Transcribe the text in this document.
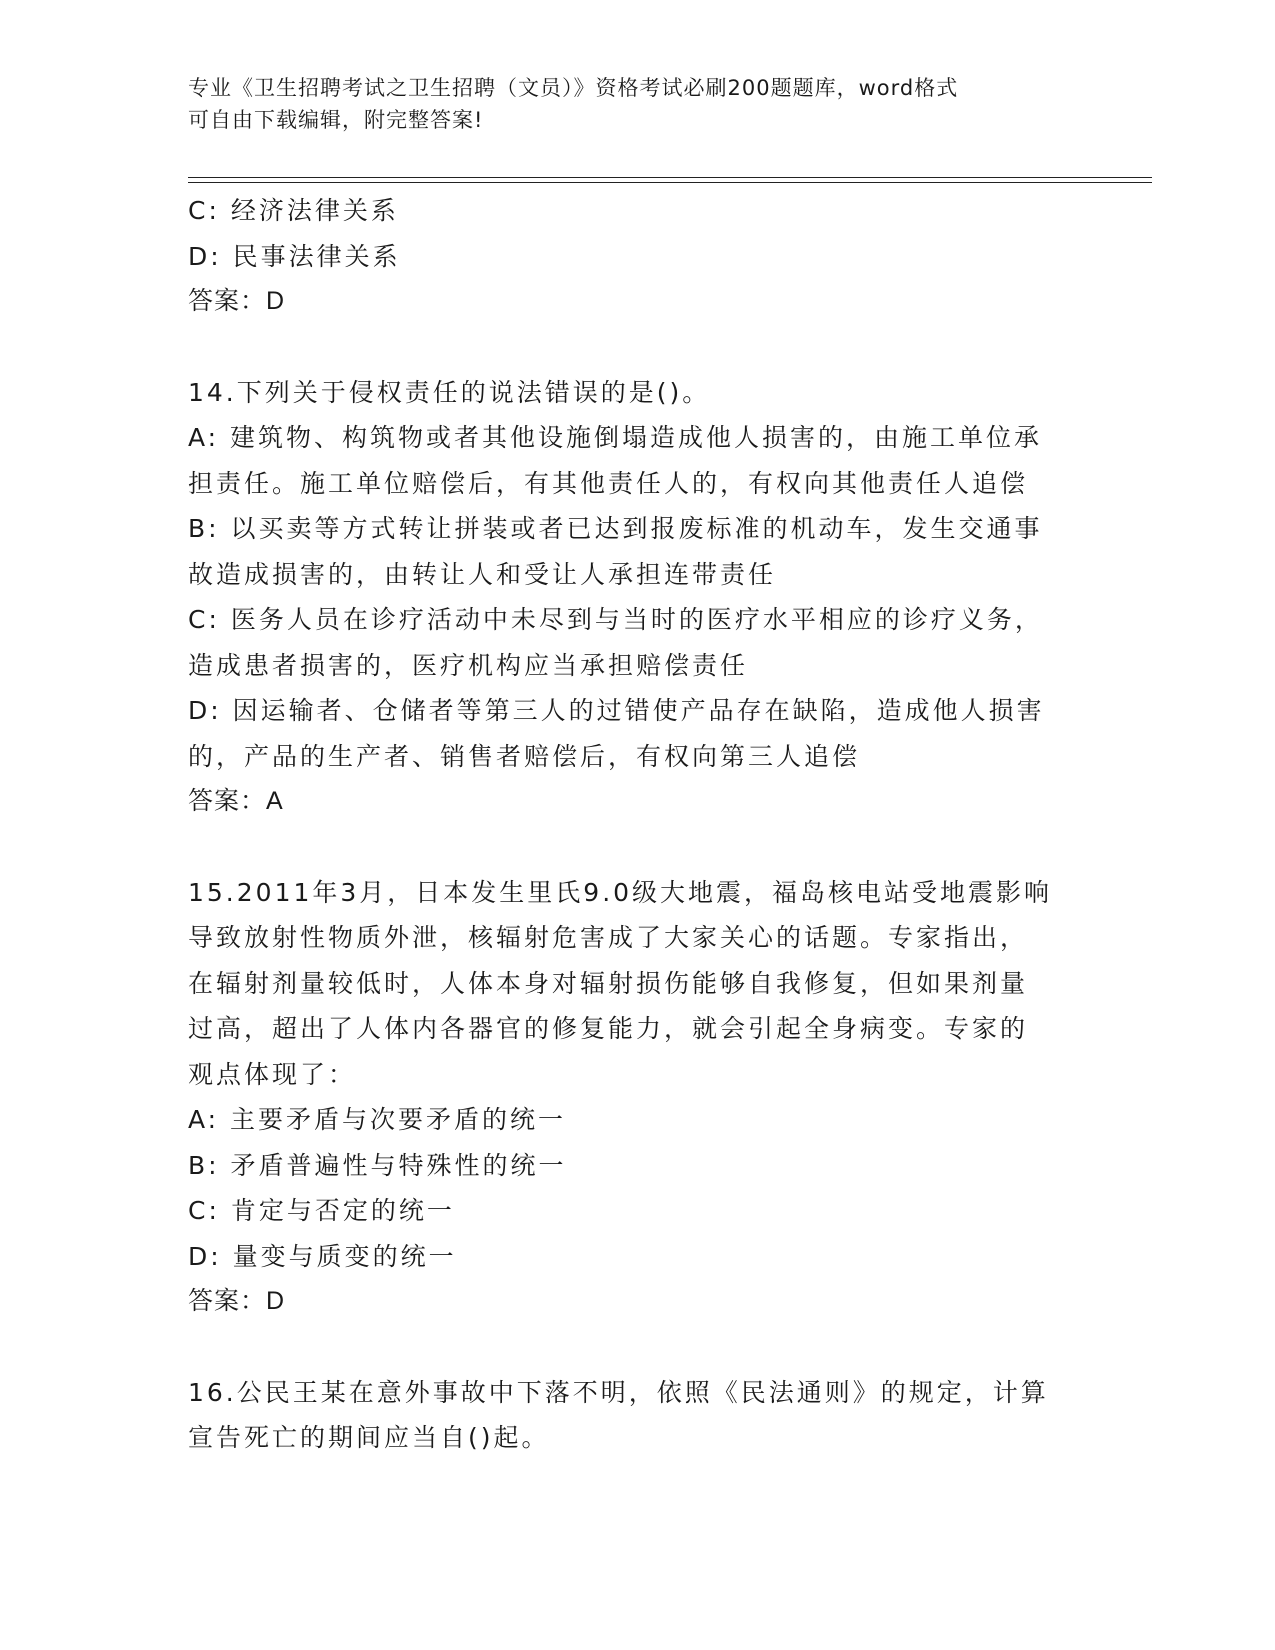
专业《卫生招聘考试之卫生招聘（文员）》资格考试必刷200题题库，word格式
可自由下载编辑，附完整答案!
C: 经济法律关系
D: 民事法律关系
答案：D
14.下列关于侵权责任的说法错误的是()。
A: 建筑物、构筑物或者其他设施倒塌造成他人损害的，由施工单位承
担责任。施工单位赔偿后，有其他责任人的，有权向其他责任人追偿
B: 以买卖等方式转让拼装或者已达到报废标准的机动车，发生交通事
故造成损害的，由转让人和受让人承担连带责任
C: 医务人员在诊疗活动中未尽到与当时的医疗水平相应的诊疗义务，
造成患者损害的，医疗机构应当承担赔偿责任
D: 因运输者、仓储者等第三人的过错使产品存在缺陷，造成他人损害
的，产品的生产者、销售者赔偿后，有权向第三人追偿
答案：A
15.2011年3月，日本发生里氏9.0级大地震，福岛核电站受地震影响
导致放射性物质外泄，核辐射危害成了大家关心的话题。专家指出，
在辐射剂量较低时，人体本身对辐射损伤能够自我修复，但如果剂量
过高，超出了人体内各器官的修复能力，就会引起全身病变。专家的
观点体现了：
A: 主要矛盾与次要矛盾的统一
B: 矛盾普遍性与特殊性的统一
C: 肯定与否定的统一
D: 量变与质变的统一
答案：D
16.公民王某在意外事故中下落不明，依照《民法通则》的规定，计算
宣告死亡的期间应当自()起。
